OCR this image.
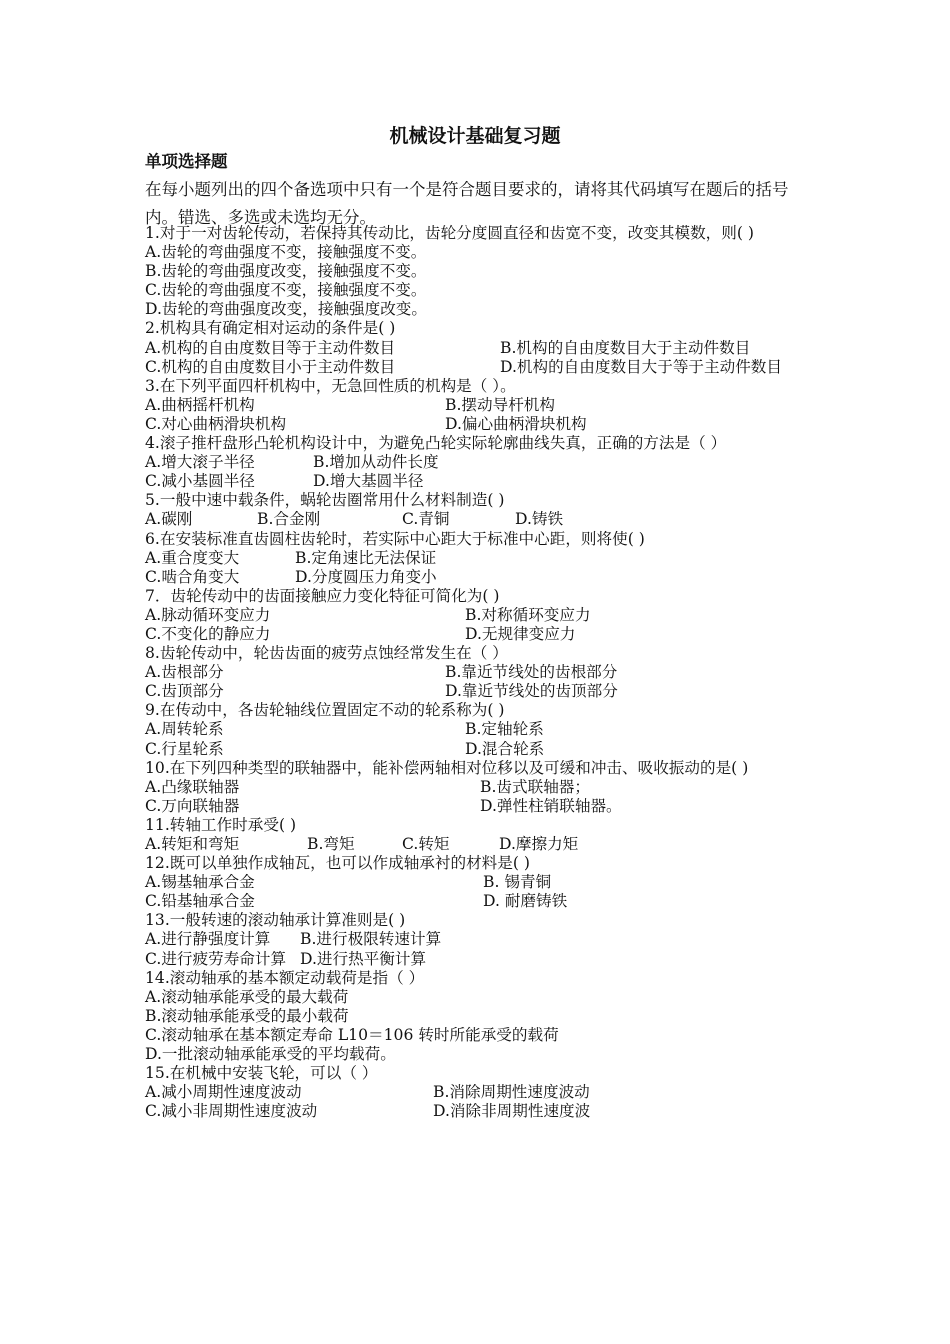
机械设计基础复习题
单项选择题
在每小题列出的四个备选项中只有一个是符合题目要求的，请将其代码填写在题后的括号内。错选、多选或未选均无分。
1.对于一对齿轮传动，若保持其传动比，齿轮分度圆直径和齿宽不变，改变其模数，则( )
A.齿轮的弯曲强度不变，接触强度不变。
B.齿轮的弯曲强度改变，接触强度不变。
C.齿轮的弯曲强度不变，接触强度不变。
D.齿轮的弯曲强度改变，接触强度改变。
2.机构具有确定相对运动的条件是( )
A.机构的自由度数目等于主动件数目	B.机构的自由度数目大于主动件数目
C.机构的自由度数目小于主动件数目	D.机构的自由度数目大于等于主动件数目
3.在下列平面四杆机构中，无急回性质的机构是（ ）。
A.曲柄摇杆机构	B.摆动导杆机构
C.对心曲柄滑块机构	D.偏心曲柄滑块机构
4.滚子推杆盘形凸轮机构设计中，为避免凸轮实际轮廓曲线失真，正确的方法是（ ）
A.增大滚子半径	B.增加从动件长度
C.减小基圆半径	D.增大基圆半径
5.一般中速中载条件，蜗轮齿圈常用什么材料制造( )
A.碳刚	B.合金刚	C.青铜	D.铸铁
6.在安装标准直齿圆柱齿轮时，若实际中心距大于标准中心距，则将使( )
A.重合度变大	B.定角速比无法保证
C.啮合角变大	D.分度圆压力角变小
7．齿轮传动中的齿面接触应力变化特征可简化为( )
A.脉动循环变应力	B.对称循环变应力
C.不变化的静应力	D.无规律变应力
8.齿轮传动中，轮齿齿面的疲劳点蚀经常发生在（ ）
A.齿根部分	B.靠近节线处的齿根部分
C.齿顶部分	D.靠近节线处的齿顶部分
9.在传动中，各齿轮轴线位置固定不动的轮系称为( )
A.周转轮系	B.定轴轮系
C.行星轮系	D.混合轮系
10.在下列四种类型的联轴器中，能补偿两轴相对位移以及可缓和冲击、吸收振动的是( )
A.凸缘联轴器	B.齿式联轴器；
C.万向联轴器	D.弹性柱销联轴器。
11.转轴工作时承受( )
A.转矩和弯矩	B.弯矩	C.转矩	D.摩擦力矩
12.既可以单独作成轴瓦，也可以作成轴承衬的材料是( )
A.锡基轴承合金	B. 锡青铜
C.铅基轴承合金	D. 耐磨铸铁
13.一般转速的滚动轴承计算准则是( )
A.进行静强度计算 B.进行极限转速计算
C.进行疲劳寿命计算 D.进行热平衡计算
14.滚动轴承的基本额定动载荷是指（ ）
A.滚动轴承能承受的最大载荷
B.滚动轴承能承受的最小载荷
C.滚动轴承在基本额定寿命 L10＝106 转时所能承受的载荷
D.一批滚动轴承能承受的平均载荷。
15.在机械中安装飞轮，可以（ ）
A.减小周期性速度波动	B.消除周期性速度波动
C.减小非周期性速度波动	D.消除非周期性速度波
